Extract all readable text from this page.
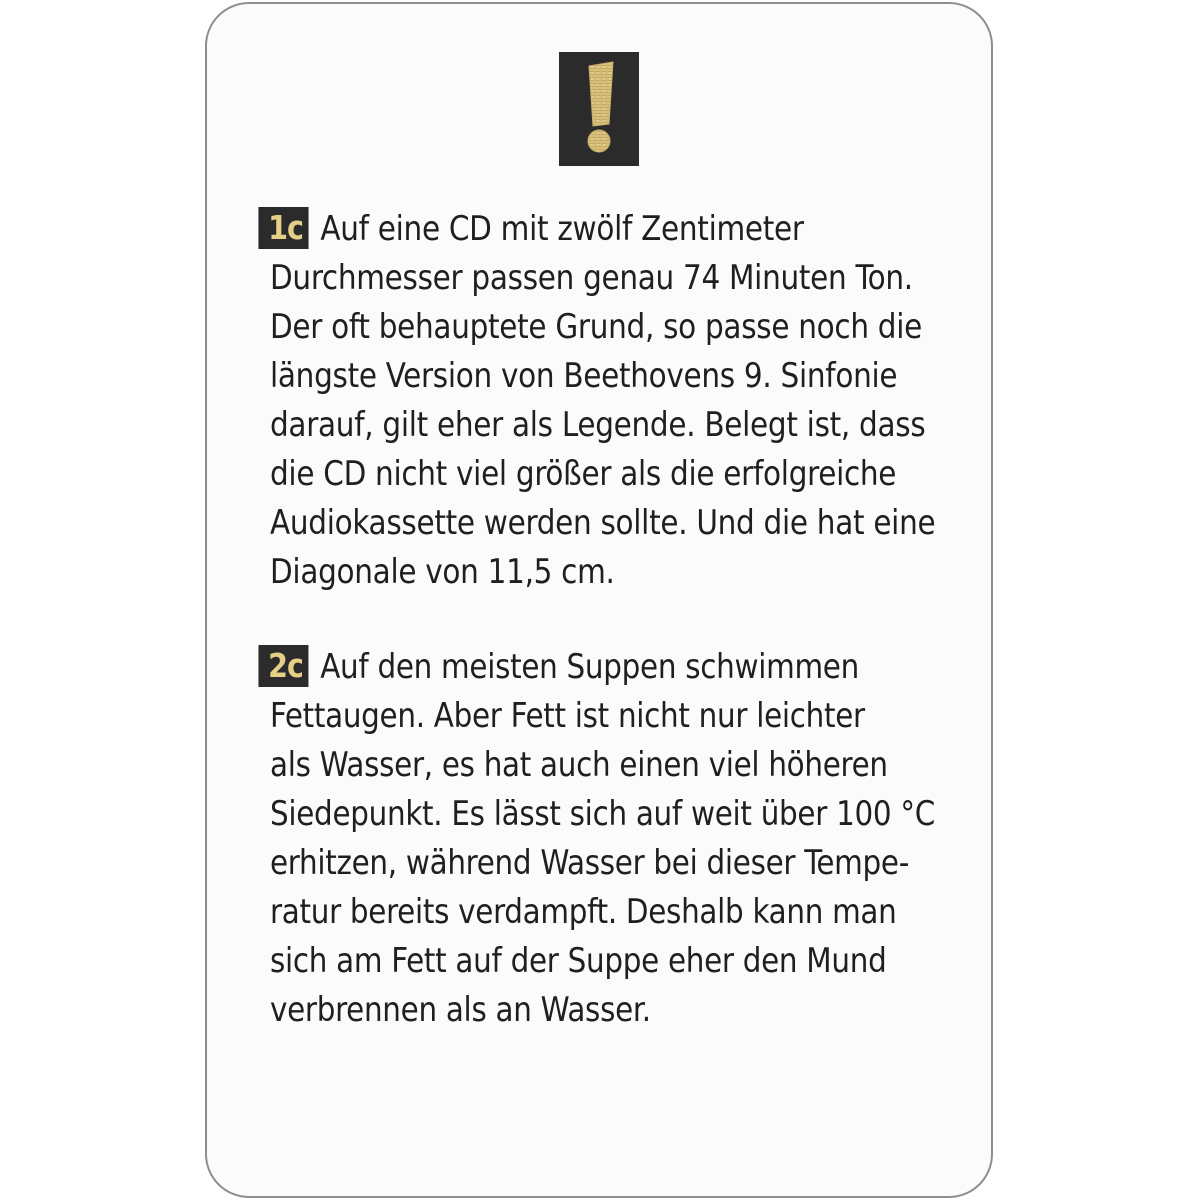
1c Auf eine CD mit zwölf Zentimeter
Durchmesser passen genau 74 Minuten Ton.
Der oft behauptete Grund, so passe noch die
längste Version von Beethovens 9. Sinfonie
darauf, gilt eher als Legende. Belegt ist, dass
die CD nicht viel größer als die erfolgreiche
Audiokassette werden sollte. Und die hat eine
Diagonale von 11,5 cm.
2c Auf den meisten Suppen schwimmen
Fettaugen. Aber Fett ist nicht nur leichter
als Wasser, es hat auch einen viel höheren
Siedepunkt. Es lässt sich auf weit über 100 °C
erhitzen, während Wasser bei dieser Tempe-
ratur bereits verdampft. Deshalb kann man
sich am Fett auf der Suppe eher den Mund
verbrennen als an Wasser.
